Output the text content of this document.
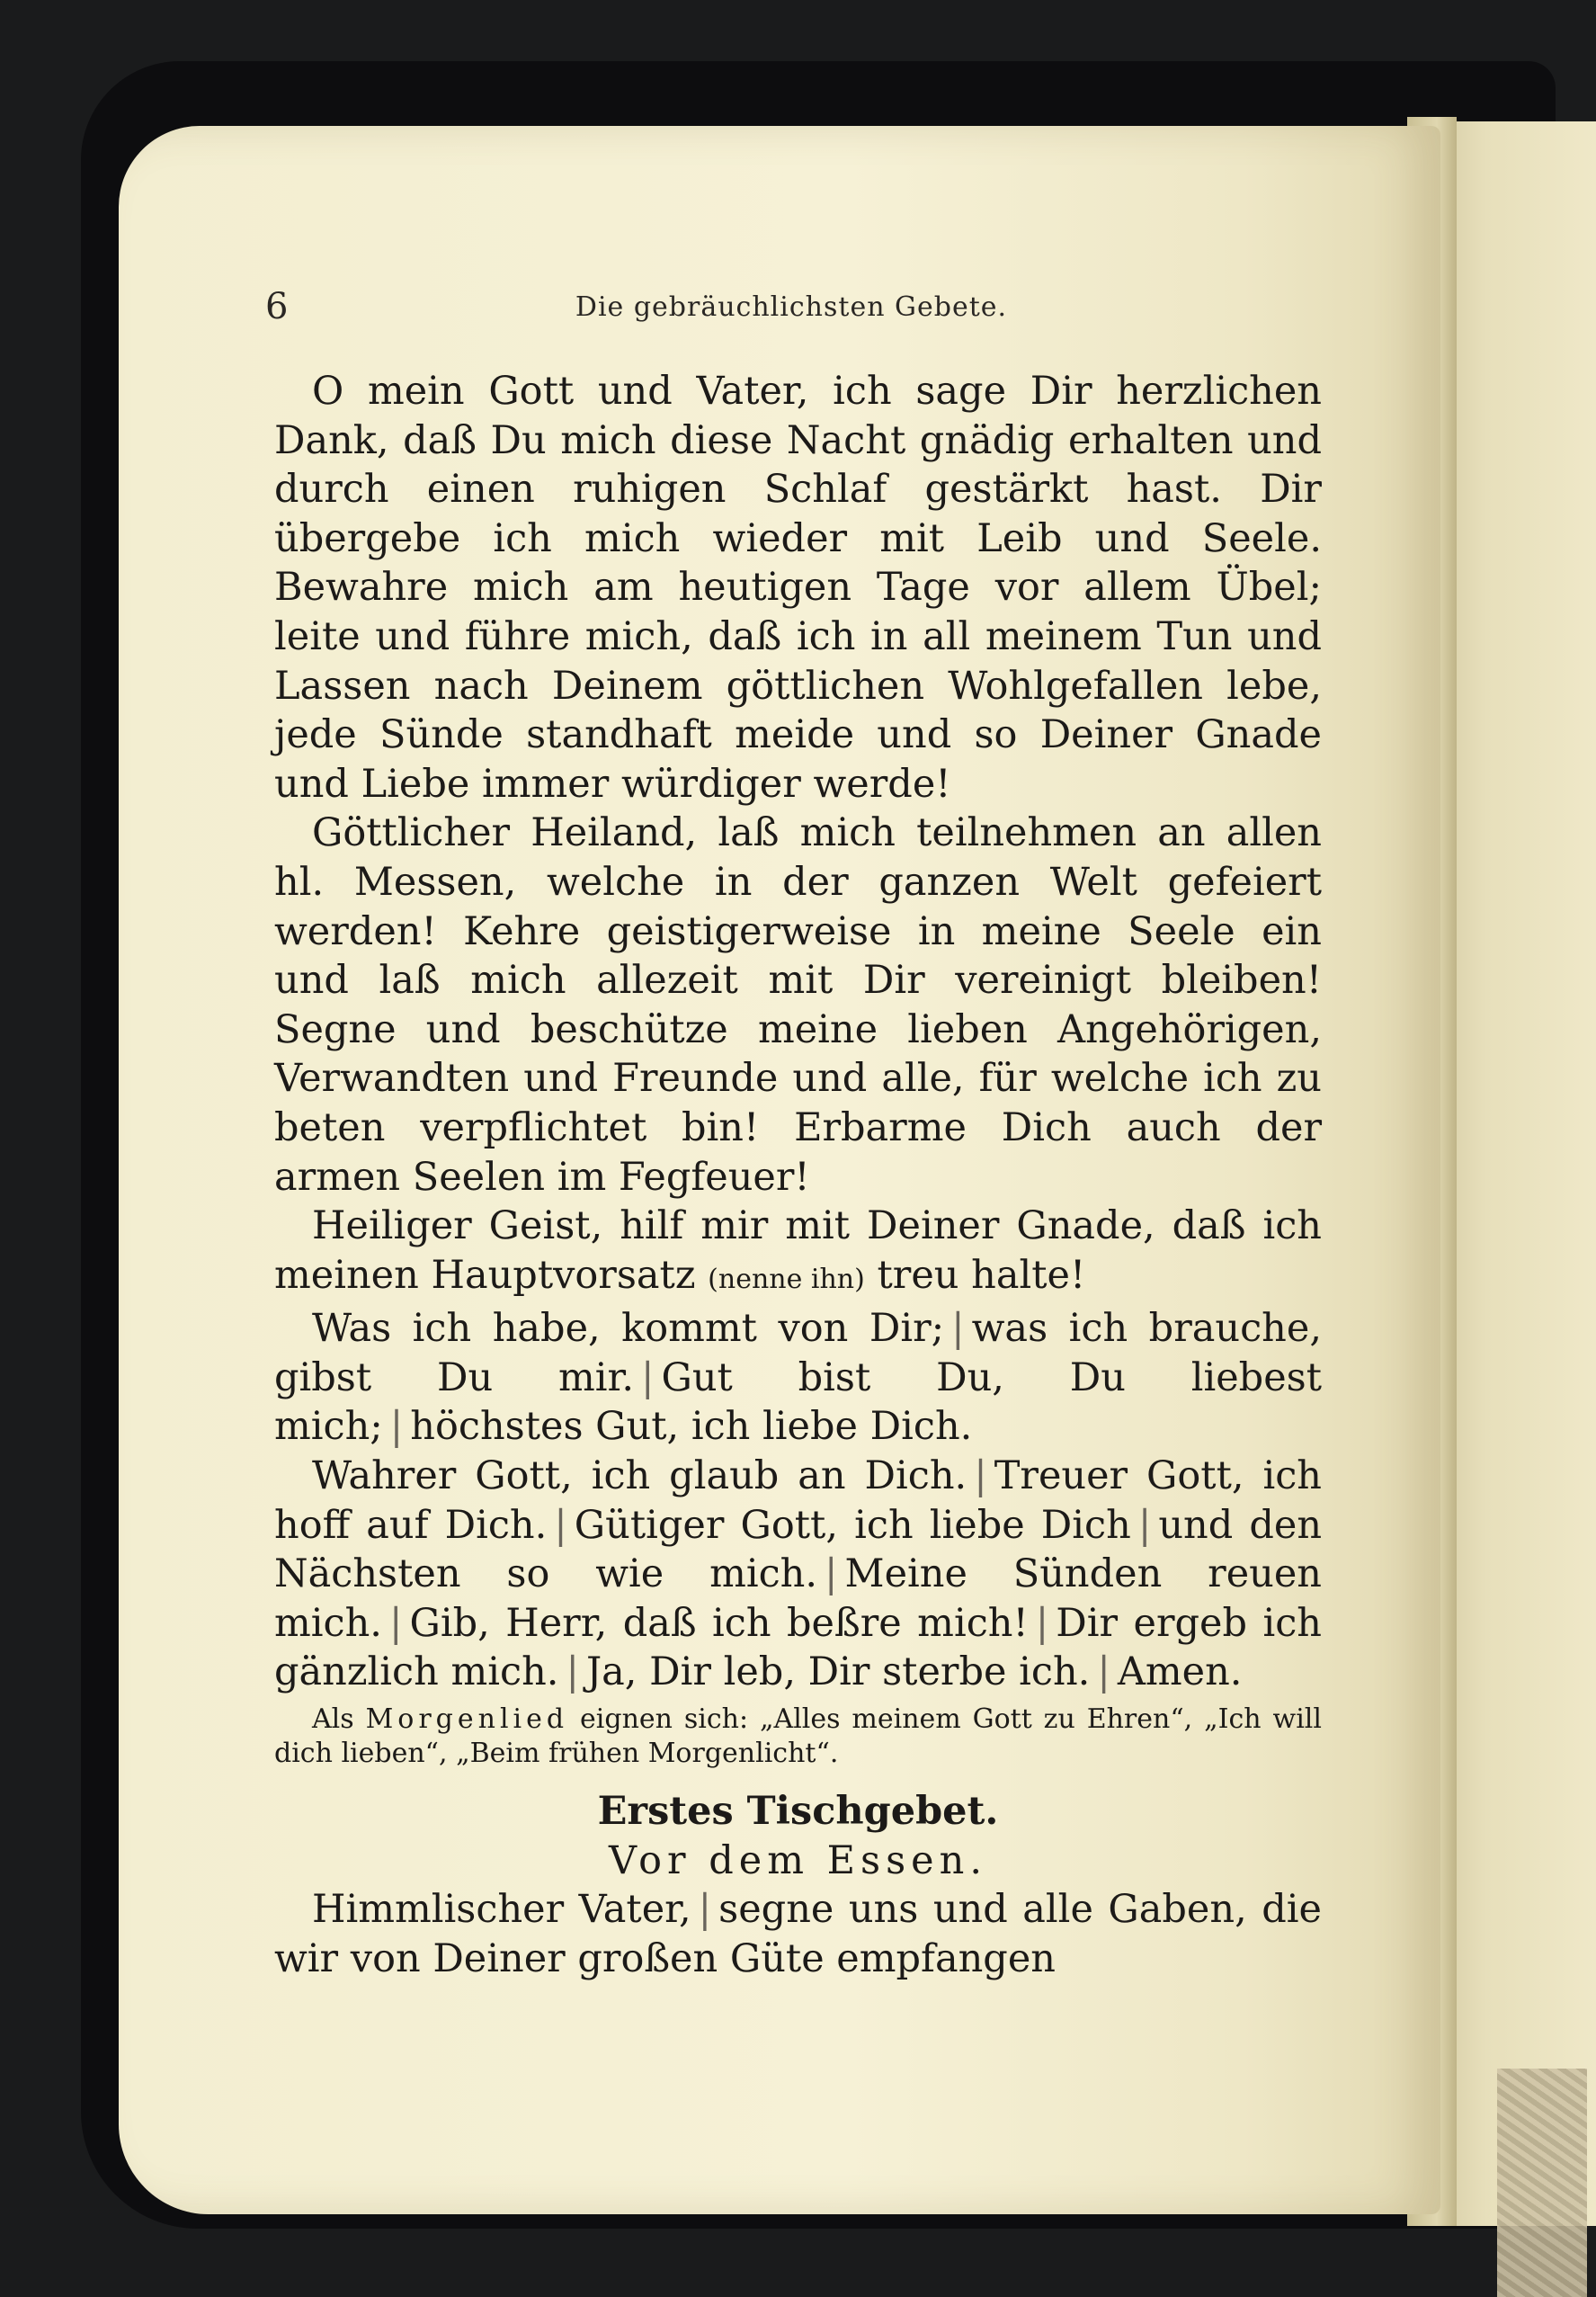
6	Die gebräuchlichsten Gebete.

O mein Gott und Vater, ich sage Dir herzlichen Dank, daß Du mich diese Nacht gnädig erhalten und durch einen ruhigen Schlaf gestärkt hast. Dir übergebe ich mich wieder mit Leib und Seele. Bewahre mich am heutigen Tage vor allem Übel; leite und führe mich, daß ich in all meinem Tun und Lassen nach Deinem göttlichen Wohlgefallen lebe, jede Sünde standhaft meide und so Deiner Gnade und Liebe immer würdiger werde!

Göttlicher Heiland, laß mich teilnehmen an allen hl. Messen, welche in der ganzen Welt gefeiert werden! Kehre geistigerweise in meine Seele ein und laß mich allezeit mit Dir vereinigt bleiben! Segne und beschütze meine lieben Angehörigen, Verwandten und Freunde und alle, für welche ich zu beten verpflichtet bin! Erbarme Dich auch der armen Seelen im Fegfeuer!

Heiliger Geist, hilf mir mit Deiner Gnade, daß ich meinen Hauptvorsatz (nenne ihn) treu halte!

Was ich habe, kommt von Dir; | was ich brauche, gibst Du mir. | Gut bist Du, Du liebest mich; | höchstes Gut, ich liebe Dich.

Wahrer Gott, ich glaub an Dich. | Treuer Gott, ich hoff auf Dich. | Gütiger Gott, ich liebe Dich | und den Nächsten so wie mich. | Meine Sünden reuen mich. | Gib, Herr, daß ich beßre mich! | Dir ergeb ich gänzlich mich. | Ja, Dir leb, Dir sterbe ich. | Amen.

Als Morgenlied eignen sich: „Alles meinem Gott zu Ehren“, „Ich will dich lieben“, „Beim frühen Morgenlicht“.

Erstes Tischgebet.

Vor dem Essen.

Himmlischer Vater, | segne uns und alle Gaben, die wir von Deiner großen Güte empfangen
